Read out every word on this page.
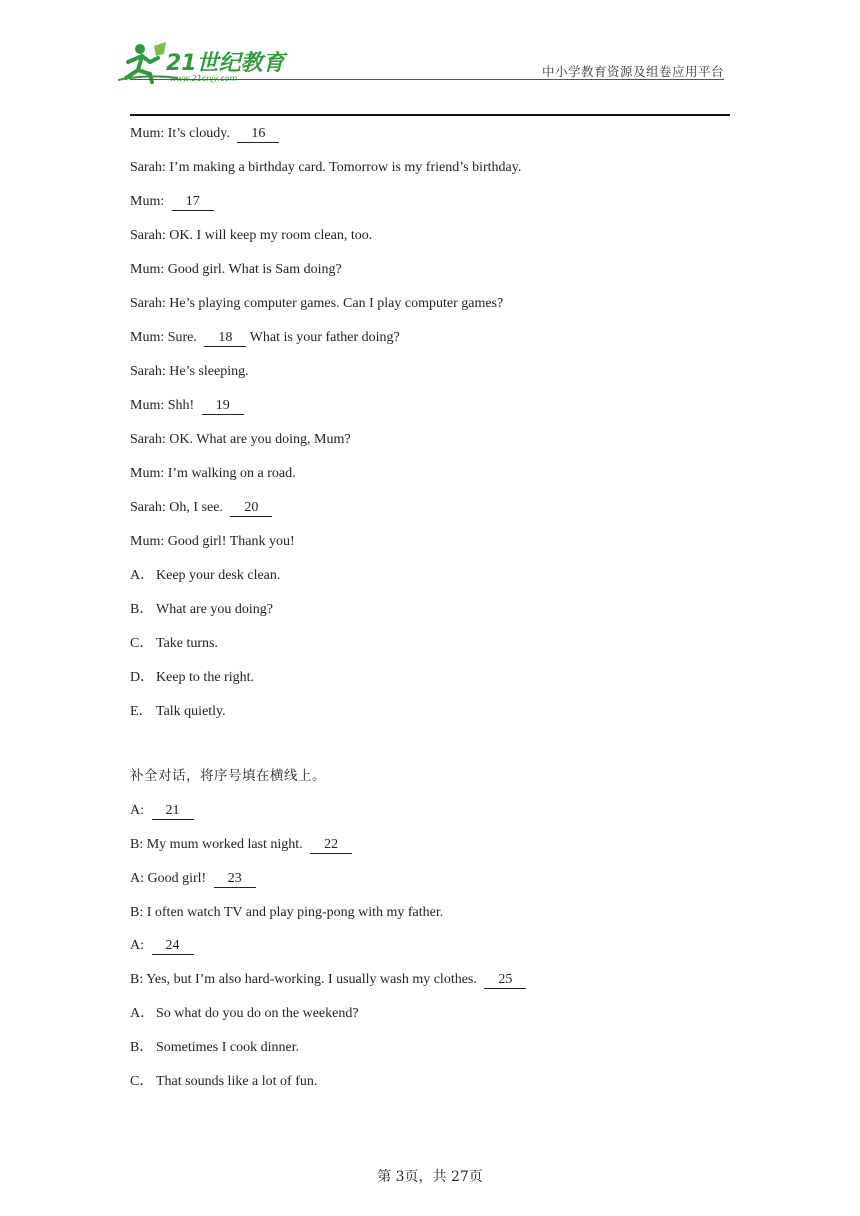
21世纪教育	中小学教育资源及组卷应用平台
Mum: It’s cloudy. 16
Sarah: I’m making a birthday card. Tomorrow is my friend’s birthday.
Mum: 17
Sarah: OK. I will keep my room clean, too.
Mum: Good girl. What is Sam doing?
Sarah: He’s playing computer games. Can I play computer games?
Mum: Sure. 18 What is your father doing?
Sarah: He’s sleeping.
Mum: Shh! 19
Sarah: OK. What are you doing, Mum?
Mum: I’m walking on a road.
Sarah: Oh, I see. 20
Mum: Good girl! Thank you!
A． Keep your desk clean.
B． What are you doing?
C． Take turns.
D． Keep to the right.
E． Talk quietly.
补全对话，将序号填在横线上。
A: 21
B: My mum worked last night. 22
A: Good girl! 23
B: I often watch TV and play ping-pong with my father.
A: 24
B: Yes, but I’m also hard-working. I usually wash my clothes. 25
A． So what do you do on the weekend?
B． Sometimes I cook dinner.
C． That sounds like a lot of fun.
第 3页，共 27页
